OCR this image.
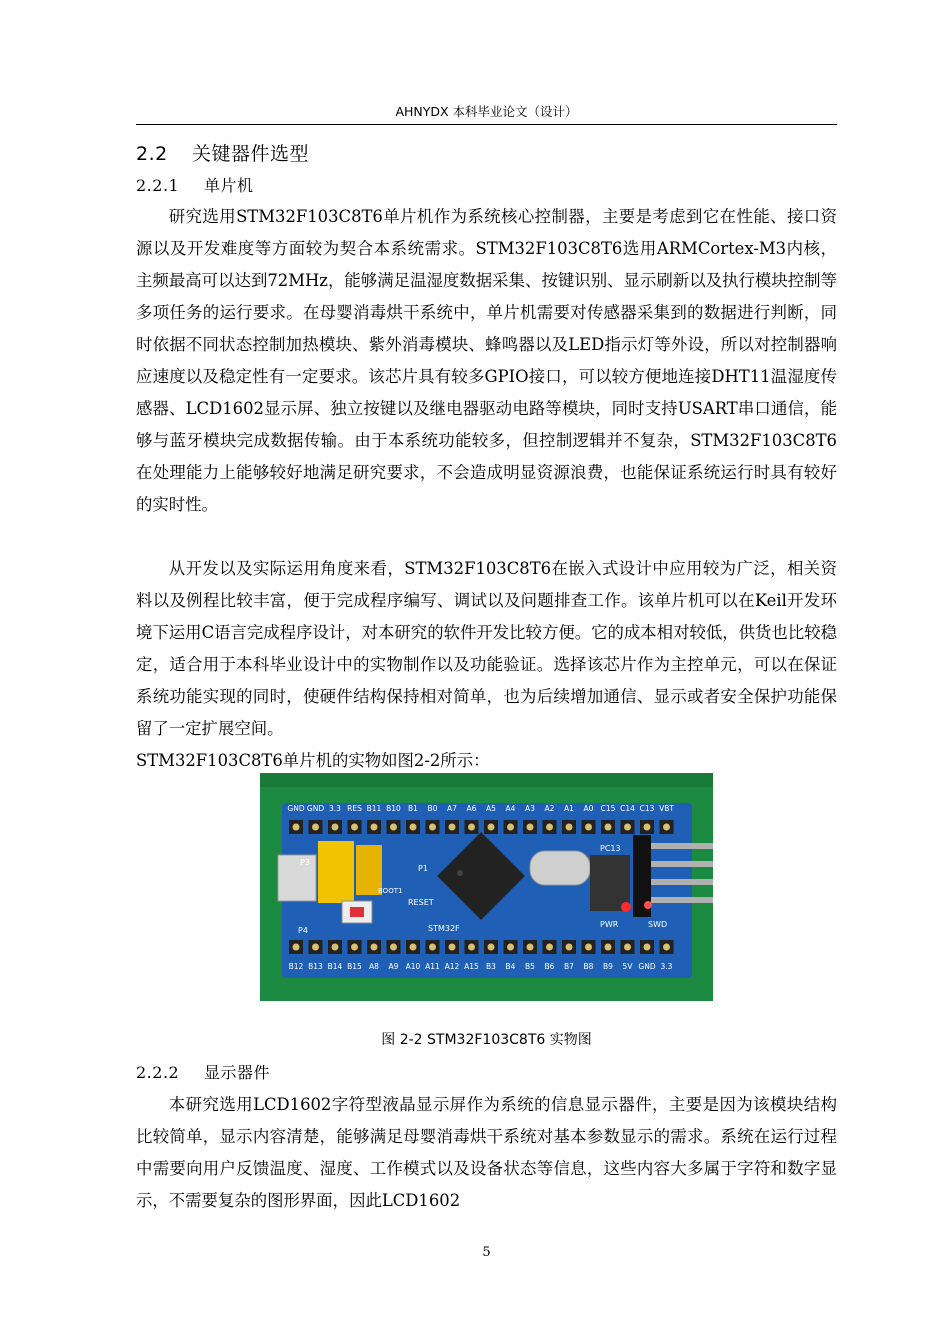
AHNYDX 本科毕业论文（设计）
2.2 关键器件选型
2.2.1 单片机

研究选用STM32F103C8T6单片机作为系统核心控制器，主要是考虑到它在性能、接口资源以及开发难度等方面较为契合本系统需求。STM32F103C8T6选用ARMCortex-M3内核，主频最高可以达到72MHz，能够满足温湿度数据采集、按键识别、显示刷新以及执行模块控制等多项任务的运行要求。在母婴消毒烘干系统中，单片机需要对传感器采集到的数据进行判断，同时依据不同状态控制加热模块、紫外消毒模块、蜂鸣器以及LED指示灯等外设，所以对控制器响应速度以及稳定性有一定要求。该芯片具有较多GPIO接口，可以较方便地连接DHT11温湿度传感器、LCD1602显示屏、独立按键以及继电器驱动电路等模块，同时支持USART串口通信，能够与蓝牙模块完成数据传输。由于本系统功能较多，但控制逻辑并不复杂，STM32F103C8T6在处理能力上能够较好地满足研究要求，不会造成明显资源浪费，也能保证系统运行时具有较好的实时性。

从开发以及实际运用角度来看，STM32F103C8T6在嵌入式设计中应用较为广泛，相关资料以及例程比较丰富，便于完成程序编写、调试以及问题排查工作。该单片机可以在Keil开发环境下运用C语言完成程序设计，对本研究的软件开发比较方便。它的成本相对较低，供货也比较稳定，适合用于本科毕业设计中的实物制作以及功能验证。选择该芯片作为主控单元，可以在保证系统功能实现的同时，使硬件结构保持相对简单，也为后续增加通信、显示或者安全保护功能保留了一定扩展空间。

STM32F103C8T6单片机的实物如图2-2所示：

GND GND 3.3 RES B11 B10 B1 B0 A7 A6 A5 A4 A3 A2 A1 A0 C15 C14 C13 VBT
B12 B13 B14 B15 A8 A9 A10 A11 A12 A15 B3 B4 B5 B6 B7 B8 B9 5V GND 3.3
P3
P1
BOOT1
RESET
STM32F
P4
PC13
PWR	SWD
图 2-2 STM32F103C8T6 实物图
2.2.2 显示器件

本研究选用LCD1602字符型液晶显示屏作为系统的信息显示器件，主要是因为该模块结构比较简单，显示内容清楚，能够满足母婴消毒烘干系统对基本参数显示的需求。系统在运行过程中需要向用户反馈温度、湿度、工作模式以及设备状态等信息，这些内容大多属于字符和数字显示，不需要复杂的图形界面，因此LCD1602

5
